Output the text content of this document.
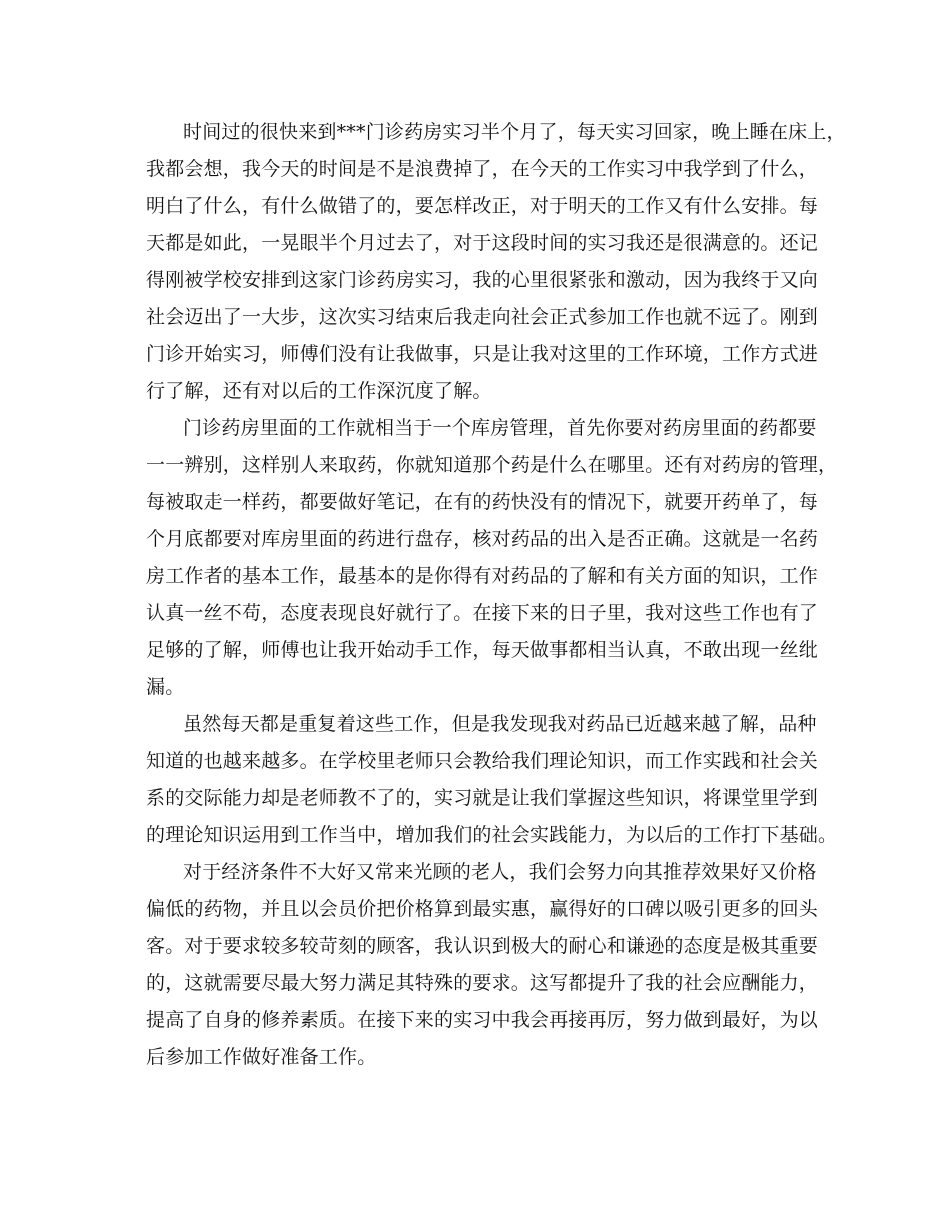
时间过的很快来到***门诊药房实习半个月了，每天实习回家，晚上睡在床上，
我都会想，我今天的时间是不是浪费掉了，在今天的工作实习中我学到了什么，
明白了什么，有什么做错了的，要怎样改正，对于明天的工作又有什么安排。每
天都是如此，一晃眼半个月过去了，对于这段时间的实习我还是很满意的。还记
得刚被学校安排到这家门诊药房实习，我的心里很紧张和激动，因为我终于又向
社会迈出了一大步，这次实习结束后我走向社会正式参加工作也就不远了。刚到
门诊开始实习，师傅们没有让我做事，只是让我对这里的工作环境，工作方式进
行了解，还有对以后的工作深沉度了解。
门诊药房里面的工作就相当于一个库房管理，首先你要对药房里面的药都要
一一辨别，这样别人来取药，你就知道那个药是什么在哪里。还有对药房的管理，
每被取走一样药，都要做好笔记，在有的药快没有的情况下，就要开药单了，每
个月底都要对库房里面的药进行盘存，核对药品的出入是否正确。这就是一名药
房工作者的基本工作，最基本的是你得有对药品的了解和有关方面的知识，工作
认真一丝不苟，态度表现良好就行了。在接下来的日子里，我对这些工作也有了
足够的了解，师傅也让我开始动手工作，每天做事都相当认真，不敢出现一丝纰
漏。
虽然每天都是重复着这些工作，但是我发现我对药品已近越来越了解，品种
知道的也越来越多。在学校里老师只会教给我们理论知识，而工作实践和社会关
系的交际能力却是老师教不了的，实习就是让我们掌握这些知识，将课堂里学到
的理论知识运用到工作当中，增加我们的社会实践能力，为以后的工作打下基础。
对于经济条件不大好又常来光顾的老人，我们会努力向其推荐效果好又价格
偏低的药物，并且以会员价把价格算到最实惠，赢得好的口碑以吸引更多的回头
客。对于要求较多较苛刻的顾客，我认识到极大的耐心和谦逊的态度是极其重要
的，这就需要尽最大努力满足其特殊的要求。这写都提升了我的社会应酬能力，
提高了自身的修养素质。在接下来的实习中我会再接再厉，努力做到最好，为以
后参加工作做好准备工作。
